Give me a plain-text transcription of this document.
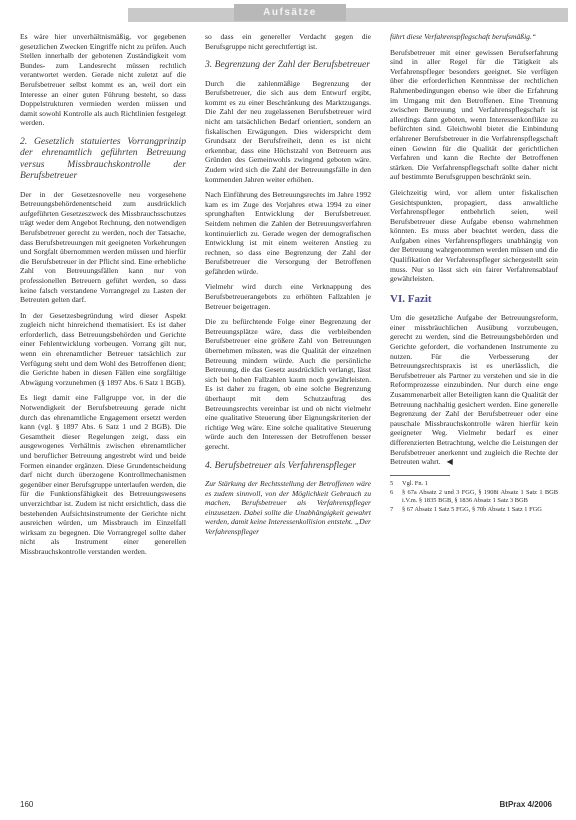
Aufsätze

Es wäre hier unverhältnismäßig, vor gegebenen gesetzlichen Zwecken Eingriffe nicht zu prüfen. Auch Stellen innerhalb der gebotenen Zuständigkeit vom Bundes- zum Landesrecht müssen rechtlich verantwortet werden. Gerade nicht zuletzt auf die Berufsbetreuer selbst kommt es an, weil dort ein Interesse an einer guten Führung besteht, so dass Doppelstrukturen vermieden werden müssen und damit sowohl Kontrolle als auch Richtlinien festgelegt werden.

2. Gesetzlich statuiertes Vorrangprinzip der ehrenamtlich geführten Betreuung versus Missbrauchskontrolle der Berufsbetreuer

Der in der Gesetzesnovelle neu vorgesehene Betreuungsbehördenentscheid zum ausdrücklich aufgeführten Gesetzeszweck des Missbrauchsschutzes trägt weder dem Angebot Rechnung, den notwendigen Berufsbetreuer gerecht zu werden, noch der Tatsache, dass Berufsbetreuungen mit geeigneten Vorkehrungen und Sorgfalt übernommen werden müssen und hierfür die Berufsbetreuer in der Pflicht sind. Eine erhebliche Zahl von Betreuungsfällen kann nur von professionellen Betreuern geführt werden, so dass keine falsch verstandene Vorrangregel zu Lasten der Betreuten gelten darf.

In der Gesetzesbegründung wird dieser Aspekt zugleich nicht hinreichend thematisiert. Es ist daher erforderlich, dass Betreuungsbehörden und Gerichte einer Fehlentwicklung vorbeugen. Vorrang gilt nur, wenn ein ehrenamtlicher Betreuer tatsächlich zur Verfügung steht und dem Wohl des Betroffenen dient; die Gerichte haben in diesen Fällen eine sorgfältige Abwägung vorzunehmen (§ 1897 Abs. 6 Satz 1 BGB).

Es liegt damit eine Fallgruppe vor, in der die Notwendigkeit der Berufsbetreuung gerade nicht durch das ehrenamtliche Engagement ersetzt werden kann (vgl. § 1897 Abs. 6 Satz 1 und 2 BGB). Die Gesamtheit dieser Regelungen zeigt, dass ein ausgewogenes Verhältnis zwischen ehrenamtlicher und beruflicher Betreuung angestrebt wird und beide Formen einander ergänzen. Diese Grundentscheidung darf nicht durch überzogene Kontrollmechanismen gegenüber einer Berufsgruppe unterlaufen werden, die für die Funktionsfähigkeit des Betreuungswesens unverzichtbar ist. Zudem ist nicht ersichtlich, dass die bestehenden Aufsichtsinstrumente der Gerichte nicht ausreichen würden, um Missbrauch im Einzelfall wirksam zu begegnen. Die Vorrangregel sollte daher nicht als Instrument einer generellen Missbrauchskontrolle verstanden werden.

so dass ein genereller Verdacht gegen die Berufsgruppe nicht gerechtfertigt ist.

3. Begrenzung der Zahl der Berufsbetreuer

Durch die zahlenmäßige Begrenzung der Berufsbetreuer, die sich aus dem Entwurf ergibt, kommt es zu einer Beschränkung des Marktzugangs. Die Zahl der neu zugelassenen Berufsbetreuer wird nicht am tatsächlichen Bedarf orientiert, sondern an fiskalischen Erwägungen. Dies widerspricht dem Grundsatz der Berufsfreiheit, denn es ist nicht erkennbar, dass eine Höchstzahl von Betreuern aus Gründen des Gemeinwohls zwingend geboten wäre. Zudem wird sich die Zahl der Betreuungsfälle in den kommenden Jahren weiter erhöhen.

Nach Einführung des Betreuungsrechts im Jahre 1992 kam es im Zuge des Vorjahres etwa 1994 zu einer sprunghaften Entwicklung der Berufsbetreuer. Seitdem nehmen die Zahlen der Betreuungsverfahren kontinuierlich zu. Gerade wegen der demografischen Entwicklung ist mit einem weiteren Anstieg zu rechnen, so dass eine Begrenzung der Zahl der Berufsbetreuer die Versorgung der Betroffenen gefährden würde.

Vielmehr wird durch eine Verknappung des Berufsbetreuerangebots zu erhöhten Fallzahlen je Betreuer beigetragen.

Die zu befürchtende Folge einer Begrenzung der Betreuungsplätze wäre, dass die verbleibenden Berufsbetreuer eine größere Zahl von Betreuungen übernehmen müssten, was die Qualität der einzelnen Betreuung mindern würde. Auch die persönliche Betreuung, die das Gesetz ausdrücklich verlangt, lässt sich bei hohen Fallzahlen kaum noch gewährleisten. Es ist daher zu fragen, ob eine solche Begrenzung überhaupt mit dem Schutzauftrag des Betreuungsrechts vereinbar ist und ob nicht vielmehr eine qualitative Steuerung über Eignungskriterien der richtige Weg wäre. Eine solche qualitative Steuerung würde auch den Interessen der Betroffenen besser gerecht.

4. Berufsbetreuer als Verfahrenspfleger

Zur Stärkung der Rechtsstellung der Betroffenen wäre es zudem sinnvoll, von der Möglichkeit Gebrauch zu machen, Berufsbetreuer als Verfahrenspfleger einzusetzen. Dabei sollte die Unabhängigkeit gewahrt werden, damit keine Interessenkollision entsteht. „Der Verfahrenspfleger

führt diese Verfahrenspflegschaft berufsmäßig.“

Berufsbetreuer mit einer gewissen Berufserfahrung sind in aller Regel für die Tätigkeit als Verfahrenspfleger besonders geeignet. Sie verfügen über die erforderlichen Kenntnisse der rechtlichen Rahmenbedingungen ebenso wie über die Erfahrung im Umgang mit den Betroffenen. Eine Trennung zwischen Betreuung und Verfahrenspflegschaft ist allerdings dann geboten, wenn Interessenkonflikte zu befürchten sind. Gleichwohl bietet die Einbindung erfahrener Berufsbetreuer in die Verfahrenspflegschaft einen Gewinn für die Qualität der gerichtlichen Verfahren und kann die Rechte der Betroffenen stärken. Die Verfahrenspflegschaft sollte daher nicht auf bestimmte Berufsgruppen beschränkt sein.

Gleichzeitig wird, vor allem unter fiskalischen Gesichtspunkten, propagiert, dass anwaltliche Verfahrenspfleger entbehrlich seien, weil Berufsbetreuer diese Aufgabe ebenso wahrnehmen könnten. Es muss aber beachtet werden, dass die Aufgaben eines Verfahrenspflegers unabhängig von der Betreuung wahrgenommen werden müssen und die Qualifikation der Verfahrenspfleger sichergestellt sein muss. Nur so lässt sich ein fairer Verfahrensablauf gewährleisten.

VI. Fazit

Um die gesetzliche Aufgabe der Betreuungsreform, einer missbräuchlichen Ausübung vorzubeugen, gerecht zu werden, sind die Betreuungsbehörden und Gerichte gefordert, die vorhandenen Instrumente zu nutzen. Für die Verbesserung der Betreuungsrechtspraxis ist es unerlässlich, die Berufsbetreuer als Partner zu verstehen und sie in die Reformprozesse einzubinden. Nur durch eine enge Zusammenarbeit aller Beteiligten kann die Qualität der Betreuung nachhaltig gesichert werden. Eine generelle Begrenzung der Zahl der Berufsbetreuer oder eine pauschale Missbrauchskontrolle wären hierfür kein geeigneter Weg. Vielmehr bedarf es einer differenzierten Betrachtung, welche die Leistungen der Berufsbetreuer anerkennt und zugleich die Rechte der Betreuten wahrt. ◀

5	Vgl. Fn. 1
6	§ 67a Absatz 2 und 3 FGG, § 1908i Absatz 1 Satz 1 BGB i.V.m. § 1835 BGB, § 1836 Absatz 1 Satz 3 BGB
7	§ 67 Absatz 1 Satz 5 FGG, § 70b Absatz 1 Satz 1 FGG
160	BtPrax 4/2006
